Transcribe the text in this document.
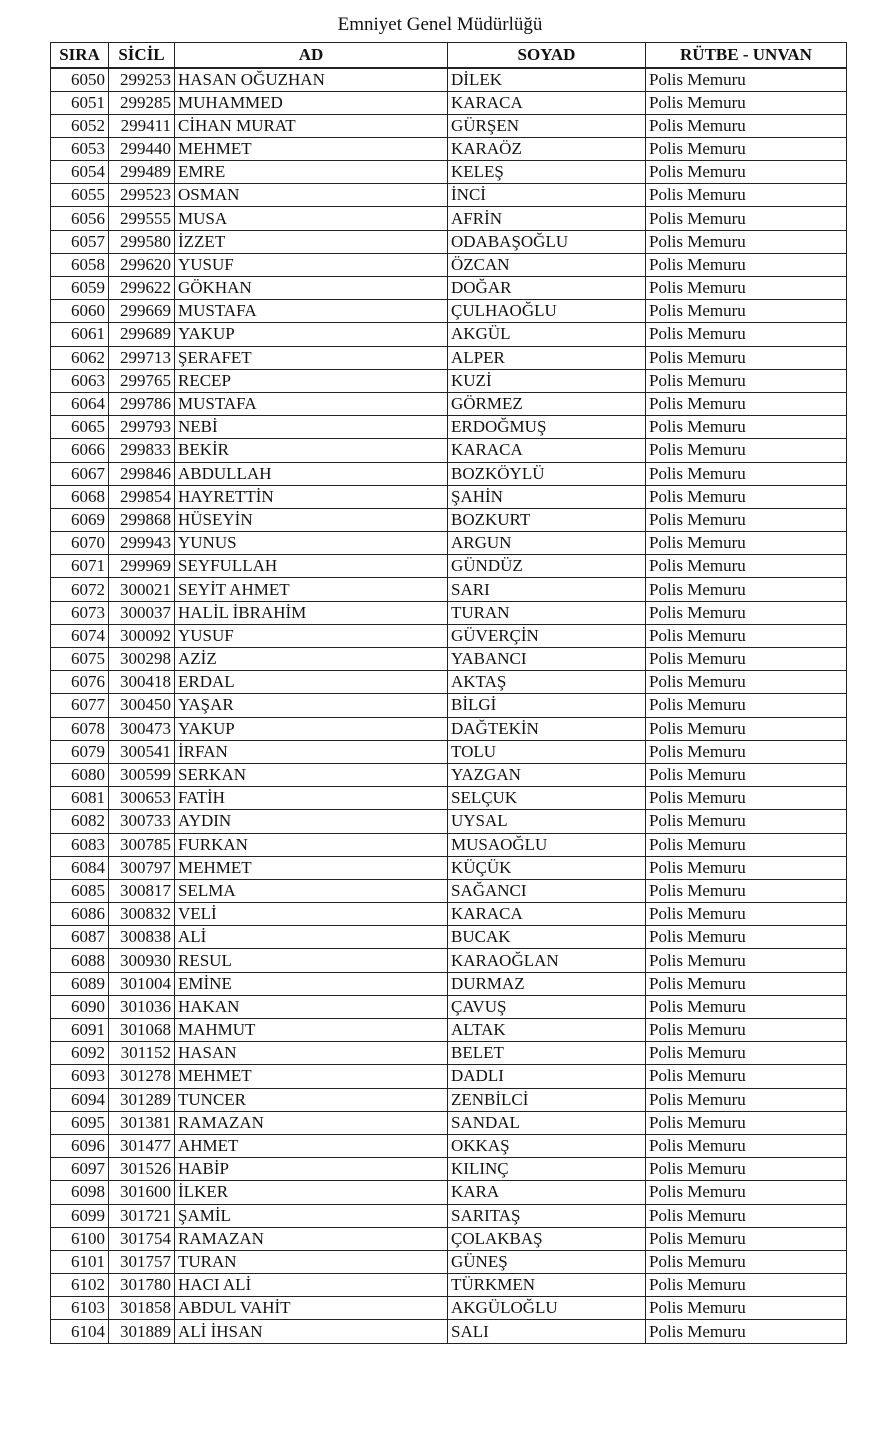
Emniyet Genel Müdürlüğü
SIRA	SİCİL	AD	SOYAD	RÜTBE - UNVAN
6050	299253	HASAN OĞUZHAN	DİLEK	Polis Memuru
6051	299285	MUHAMMED	KARACA	Polis Memuru
6052	299411	CİHAN MURAT	GÜRŞEN	Polis Memuru
6053	299440	MEHMET	KARAÖZ	Polis Memuru
6054	299489	EMRE	KELEŞ	Polis Memuru
6055	299523	OSMAN	İNCİ	Polis Memuru
6056	299555	MUSA	AFRİN	Polis Memuru
6057	299580	İZZET	ODABAŞOĞLU	Polis Memuru
6058	299620	YUSUF	ÖZCAN	Polis Memuru
6059	299622	GÖKHAN	DOĞAR	Polis Memuru
6060	299669	MUSTAFA	ÇULHAOĞLU	Polis Memuru
6061	299689	YAKUP	AKGÜL	Polis Memuru
6062	299713	ŞERAFET	ALPER	Polis Memuru
6063	299765	RECEP	KUZİ	Polis Memuru
6064	299786	MUSTAFA	GÖRMEZ	Polis Memuru
6065	299793	NEBİ	ERDOĞMUŞ	Polis Memuru
6066	299833	BEKİR	KARACA	Polis Memuru
6067	299846	ABDULLAH	BOZKÖYLÜ	Polis Memuru
6068	299854	HAYRETTİN	ŞAHİN	Polis Memuru
6069	299868	HÜSEYİN	BOZKURT	Polis Memuru
6070	299943	YUNUS	ARGUN	Polis Memuru
6071	299969	SEYFULLAH	GÜNDÜZ	Polis Memuru
6072	300021	SEYİT AHMET	SARI	Polis Memuru
6073	300037	HALİL İBRAHİM	TURAN	Polis Memuru
6074	300092	YUSUF	GÜVERÇİN	Polis Memuru
6075	300298	AZİZ	YABANCI	Polis Memuru
6076	300418	ERDAL	AKTAŞ	Polis Memuru
6077	300450	YAŞAR	BİLGİ	Polis Memuru
6078	300473	YAKUP	DAĞTEKİN	Polis Memuru
6079	300541	İRFAN	TOLU	Polis Memuru
6080	300599	SERKAN	YAZGAN	Polis Memuru
6081	300653	FATİH	SELÇUK	Polis Memuru
6082	300733	AYDIN	UYSAL	Polis Memuru
6083	300785	FURKAN	MUSAOĞLU	Polis Memuru
6084	300797	MEHMET	KÜÇÜK	Polis Memuru
6085	300817	SELMA	SAĞANCI	Polis Memuru
6086	300832	VELİ	KARACA	Polis Memuru
6087	300838	ALİ	BUCAK	Polis Memuru
6088	300930	RESUL	KARAOĞLAN	Polis Memuru
6089	301004	EMİNE	DURMAZ	Polis Memuru
6090	301036	HAKAN	ÇAVUŞ	Polis Memuru
6091	301068	MAHMUT	ALTAK	Polis Memuru
6092	301152	HASAN	BELET	Polis Memuru
6093	301278	MEHMET	DADLI	Polis Memuru
6094	301289	TUNCER	ZENBİLCİ	Polis Memuru
6095	301381	RAMAZAN	SANDAL	Polis Memuru
6096	301477	AHMET	OKKAŞ	Polis Memuru
6097	301526	HABİP	KILINÇ	Polis Memuru
6098	301600	İLKER	KARA	Polis Memuru
6099	301721	ŞAMİL	SARITAŞ	Polis Memuru
6100	301754	RAMAZAN	ÇOLAKBAŞ	Polis Memuru
6101	301757	TURAN	GÜNEŞ	Polis Memuru
6102	301780	HACI ALİ	TÜRKMEN	Polis Memuru
6103	301858	ABDUL VAHİT	AKGÜLOĞLU	Polis Memuru
6104	301889	ALİ İHSAN	SALI	Polis Memuru
